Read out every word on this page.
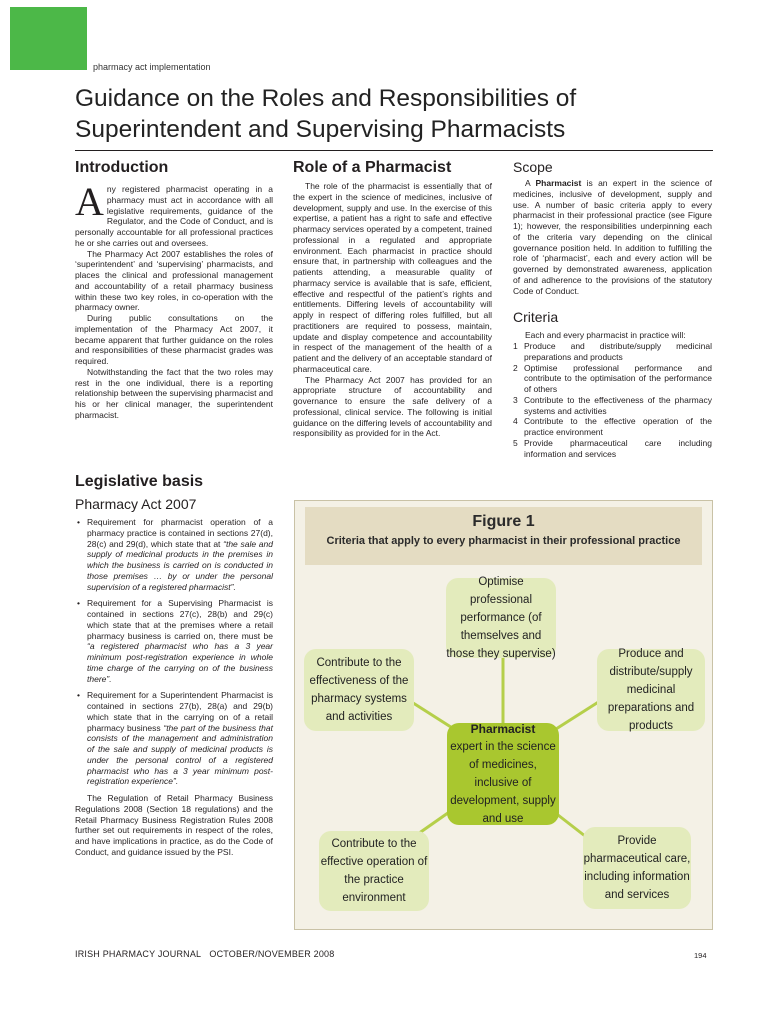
pharmacy act implementation
Guidance on the Roles and Responsibilities of Superintendent and Supervising Pharmacists
Introduction

Any registered pharmacist operating in a pharmacy must act in accordance with all legislative requirements, guidance of the Regulator, and the Code of Conduct, and is personally accountable for all professional practices he or she carries out and oversees.

The Pharmacy Act 2007 establishes the roles of ‘superintendent’ and ‘supervising’ pharmacists, and places the clinical and professional management and accountability of a retail pharmacy business within these two key roles, in co-operation with the pharmacy owner.

During public consultations on the implementation of the Pharmacy Act 2007, it became apparent that further guidance on the roles and responsibilities of these pharmacist grades was required.

Notwithstanding the fact that the two roles may rest in the one individual, there is a reporting relationship between the supervising pharmacist and his or her clinical manager, the superintendent pharmacist.

Legislative basis
Pharmacy Act 2007
• Requirement for pharmacist operation of a pharmacy practice is contained in sections 27(d), 28(c) and 29(d), which state that at “the sale and supply of medicinal products in the premises in which the business is carried on is conducted in those premises … by or under the personal supervision of a registered pharmacist”.
• Requirement for a Supervising Pharmacist is contained in sections 27(c), 28(b) and 29(c) which state that at the premises where a retail pharmacy business is carried on, there must be “a registered pharmacist who has a 3 year minimum post-registration experience in whole time charge of the carrying on of the business there”.
• Requirement for a Superintendent Pharmacist is contained in sections 27(b), 28(a) and 29(b) which state that in the carrying on of a retail pharmacy business “the part of the business that consists of the management and administration of the sale and supply of medicinal products is under the personal control of a registered pharmacist who has a 3 year minimum post-registration experience”.

The Regulation of Retail Pharmacy Business Regulations 2008 (Section 18 regulations) and the Retail Pharmacy Business Registration Rules 2008 further set out requirements in respect of the roles, and have implications in practice, as do the Code of Conduct, and guidance issued by the PSI.

Role of a Pharmacist

The role of the pharmacist is essentially that of the expert in the science of medicines, inclusive of development, supply and use. In the exercise of this expertise, a patient has a right to safe and effective pharmacy services operated by a competent, trained professional in a regulated and appropriate environment. Each pharmacist in practice should ensure that, in partnership with colleagues and the patients attending, a measurable quality of pharmacy service is available that is safe, efficient, effective and respectful of the patient’s rights and entitlements. Differing levels of accountability will apply in respect of differing roles fulfilled, but all practitioners are required to possess, maintain, update and display competence and accountability in respect of the management of the health of a patient and the delivery of an acceptable standard of pharmaceutical care.

The Pharmacy Act 2007 has provided for an appropriate structure of accountability and governance to ensure the safe delivery of a professional, clinical service. The following is initial guidance on the differing levels of accountability and responsibility as provided for in the Act.

Scope

A Pharmacist is an expert in the science of medicines, inclusive of development, supply and use. A number of basic criteria apply to every pharmacist in their professional practice (see Figure 1); however, the responsibilities underpinning each of the criteria vary depending on the clinical governance position held. In addition to fulfilling the role of ‘pharmacist’, each and every action will be governed by demonstrated awareness, application of and adherence to the provisions of the statutory Code of Conduct.

Criteria

Each and every pharmacist in practice will:

1 Produce and distribute/supply medicinal preparations and products
2 Optimise professional performance and contribute to the optimisation of the performance of others
3 Contribute to the effectiveness of the pharmacy systems and activities
4 Contribute to the effective operation of the practice environment
5 Provide pharmaceutical care including information and services
Figure 1
Criteria that apply to every pharmacist in their professional practice
Optimise professional performance (of themselves and those they supervise)
Contribute to the effectiveness of the pharmacy systems and activities
Produce and distribute/supply medicinal preparations and products
Pharmacist
expert in the science of medicines, inclusive of development, supply and use
Contribute to the effective operation of the practice environment
Provide pharmaceutical care, including information and services
IRISH PHARMACY JOURNAL OCTOBER/NOVEMBER 2008	194
